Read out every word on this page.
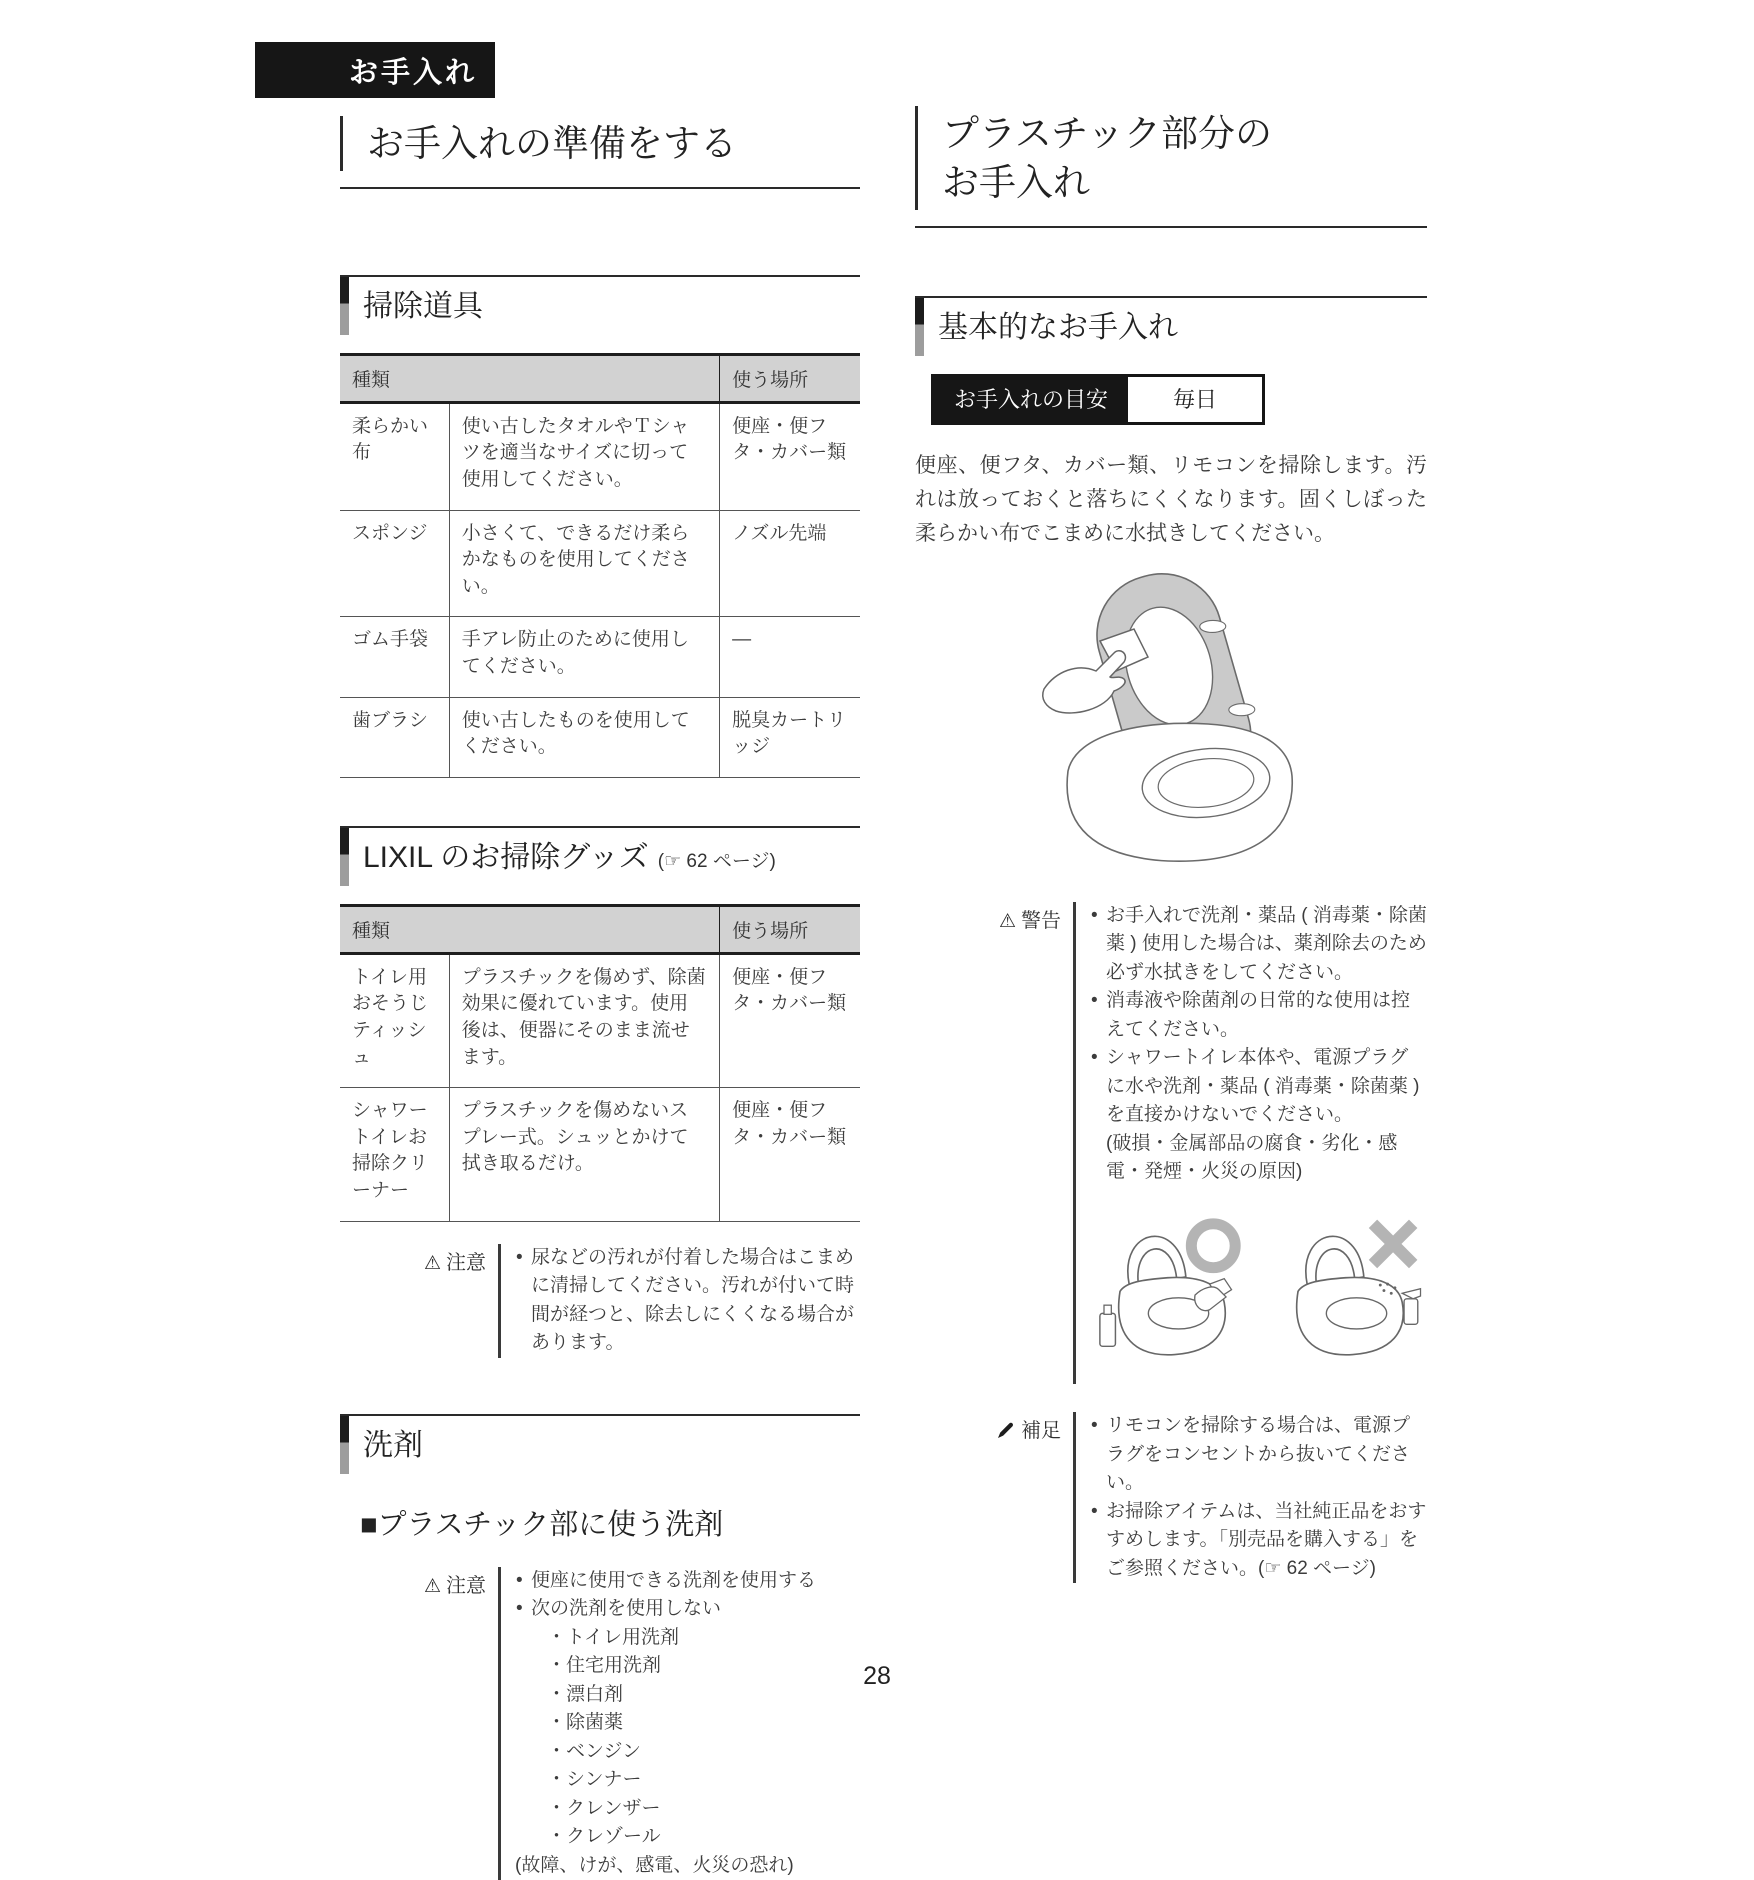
お手入れ
お手入れの準備をする
掃除道具
種類		使う場所
柔らかい布	使い古したタオルやＴシャツを適当なサイズに切って使用してください。	便座・便フタ・カバー類
スポンジ	小さくて、できるだけ柔らかなものを使用してください。	ノズル先端
ゴム手袋	手アレ防止のために使用してください。	―
歯ブラシ	使い古したものを使用してください。	脱臭カートリッジ
LIXIL のお掃除グッズ (☞ 62 ページ)
種類		使う場所
トイレ用おそうじティッシュ	プラスチックを傷めず、除菌効果に優れています。使用後は、便器にそのまま流せます。	便座・便フタ・カバー類
シャワートイレお掃除クリーナー	プラスチックを傷めないスプレー式。シュッとかけて拭き取るだけ。	便座・便フタ・カバー類
⚠ 注意	• 尿などの汚れが付着した場合はこまめに清掃してください。汚れが付いて時間が経つと、除去しにくくなる場合があります。
洗剤
■プラスチック部に使う洗剤
⚠ 注意	• 便座に使用できる洗剤を使用する
• 次の洗剤を使用しない
・トイレ用洗剤
・住宅用洗剤
・漂白剤
・除菌薬
・ベンジン
・シンナー
・クレンザー
・クレゾール
(故障、けが、感電、火災の恐れ)
プラスチック部分の
お手入れ
基本的なお手入れ
お手入れの目安	毎日
便座、便フタ、カバー類、リモコンを掃除します。汚れは放っておくと落ちにくくなります。固くしぼった柔らかい布でこまめに水拭きしてください。
⚠ 警告	• お手入れで洗剤・薬品 ( 消毒薬・除菌薬 ) 使用した場合は、薬剤除去のため必ず水拭きをしてください。
• 消毒液や除菌剤の日常的な使用は控えてください。
• シャワートイレ本体や、電源プラグに水や洗剤・薬品 ( 消毒薬・除菌薬 ) を直接かけないでください。
(破損・金属部品の腐食・劣化・感電・発煙・火災の原因)
補足	• リモコンを掃除する場合は、電源プラグをコンセントから抜いてください。
• お掃除アイテムは、当社純正品をおすすめします。「別売品を購入する」をご参照ください。(☞ 62 ページ)
28
